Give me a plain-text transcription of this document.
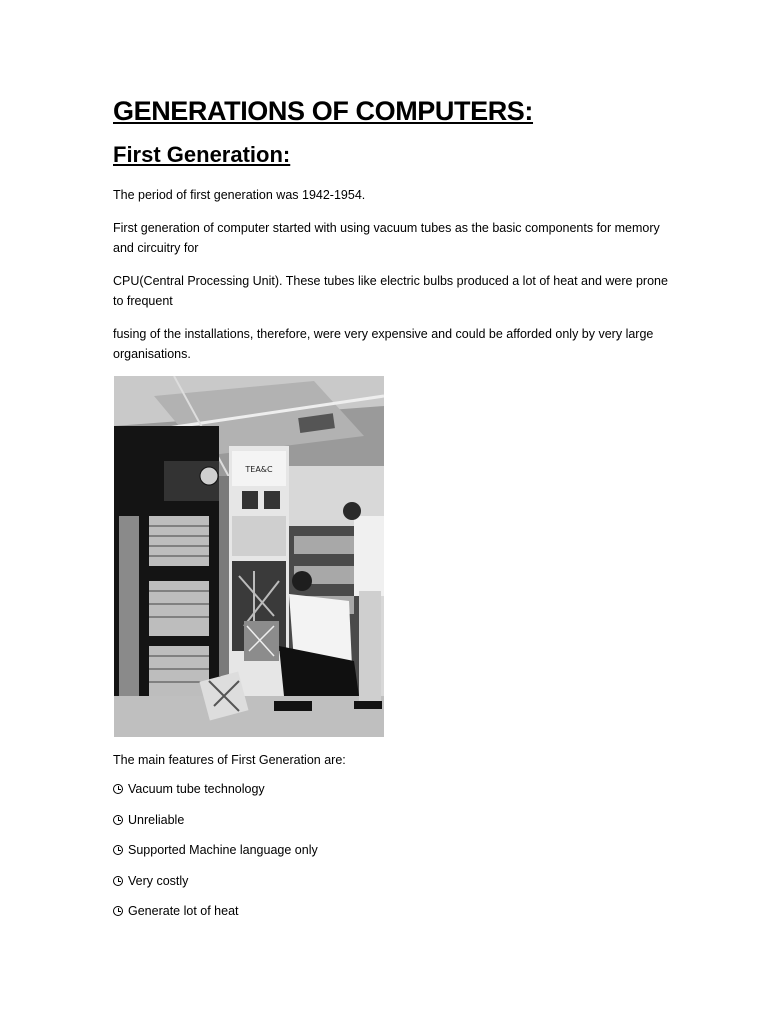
GENERATIONS OF COMPUTERS:
First Generation:

The period of first generation was 1942-1954.

First generation of computer started with using vacuum tubes as the basic components for memory and circuitry for

CPU(Central Processing Unit). These tubes like electric bulbs produced a lot of heat and were prone to frequent

fusing of the installations, therefore, were very expensive and could be afforded only by very large organisations.

TEA&C

The main features of First Generation are:

Vacuum tube technology
Unreliable
Supported Machine language only
Very costly
Generate lot of heat
